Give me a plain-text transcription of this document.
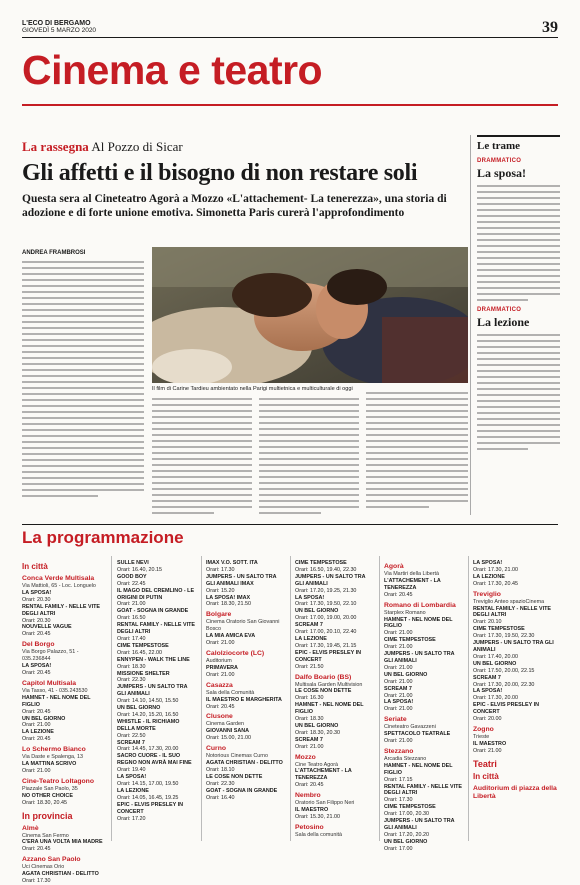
L'ECO DI BERGAMO
GIOVEDÌ 5 MARZO 2020	39
Cinema e teatro
La rassegna Al Pozzo di Sicar
Gli affetti e il bisogno di non restare soli
Questa sera al Cineteatro Agorà a Mozzo «L'attachement- La tenerezza», una storia di adozione e di forte unione emotiva. Simonetta Paris curerà l'approfondimento
ANDREA FRAMBROSI
Il film di Carine Tardieu ambientato nella Parigi multietnica e multiculturale di oggi
Le trame
DRAMMATICO
La sposa!
DRAMMATICO
La lezione
La programmazione
In città
Conca Verde Multisala
Via Mattioli, 65 - Loc. Longuelo
LA SPOSA!
Orari: 20.30
RENTAL FAMILY - NELLE VITE DEGLI ALTRI
Orari: 20.30
NOUVELLE VAGUE
Orari: 20.45
Del Borgo
Via Borgo Palazzo, 51 - 035.236844
LA SPOSA!
Orari: 20.45
Capitol Multisala
Via Tasso, 41 - 035.243530
HAMNET - NEL NOME DEL FIGLIO
Orari: 20.45
UN BEL GIORNO
Orari: 21.00
LA LEZIONE
Orari: 20.45
Lo Schermo Bianco
Via Daste e Spalenga, 13
LA MATTINA SCRIVO
Orari: 21.00
Cine-Teatro Loltagono
Piazzale San Paolo, 35
NO OTHER CHOICE
Orari: 18.30, 20.45
In provincia
Almè
Cinema San Fermo
C'ERA UNA VOLTA MIA MADRE
Orari: 20.45
Azzano San Paolo
Uci Cinemas Orio
AGATA CHRISTIAN - DELITTO
Orari: 17.30
SULLE NEVI
Orari: 16.40, 20.15
GOOD BOY
Orari: 22.45
IL MAGO DEL CREMLINO - LE ORIGINI DI PUTIN
Orari: 21.00
GOAT - SOGNA IN GRANDE
Orari: 16.50
RENTAL FAMILY - NELLE VITE DEGLI ALTRI
Orari: 17.40
CIME TEMPESTOSE
Orari: 16.45, 22.00
ENNYPEN - WALK THE LINE
Orari: 18.30
MISSIONE SHELTER
Orari: 22.30
JUMPERS - UN SALTO TRA GLI ANIMALI
Orari: 14.10, 14.50, 15.50
UN BEL GIORNO
Orari: 14.20, 15.20, 16.50
WHISTLE - IL RICHIAMO DELLA MORTE
Orari: 22.50
SCREAM 7
Orari: 14.45, 17.30, 20.00
SACRO CUORE - IL SUO REGNO NON AVRÀ MAI FINE
Orari: 19.40
LA SPOSA!
Orari: 14.15, 17.00, 19.50
LA LEZIONE
Orari: 14.05, 16.45, 19.25
EPIC - ELVIS PRESLEY IN CONCERT
Orari: 17.20
IMAX V.O. SOTT. ITA
Orari: 17.30
JUMPERS - UN SALTO TRA GLI ANIMALI IMAX
Orari: 15.20
LA SPOSA! IMAX
Orari: 18.30, 21.50
Bolgare
Cinema Oratorio San Giovanni Bosco
LA MIA AMICA EVA
Orari: 21.00
Calolziocorte (LC)
Auditorium
PRIMAVERA
Orari: 21.00
Casazza
Sala della Comunità
IL MAESTRO E MARGHERITA
Orari: 20.45
Clusone
Cinema Garden
GIOVANNI SANA
Orari: 15.00, 21.00
Curno
Notorious Cinemas Curno
AGATA CHRISTIAN - DELITTO
Orari: 18.10
LE COSE NON DETTE
Orari: 22.30
GOAT - SOGNA IN GRANDE
Orari: 16.40
CIME TEMPESTOSE
Orari: 16.50, 19.40, 22.30
JUMPERS - UN SALTO TRA GLI ANIMALI
Orari: 17.20, 19.25, 21.30
LA SPOSA!
Orari: 17.30, 19.50, 22.10
UN BEL GIORNO
Orari: 17.00, 19.00, 20.00
SCREAM 7
Orari: 17.00, 20.10, 22.40
LA LEZIONE
Orari: 17.30, 19.45, 21.15
EPIC - ELVIS PRESLEY IN CONCERT
Orari: 21.50
Dalfo Boario (BS)
Multisala Garden Multivision
LE COSE NON DETTE
Orari: 16.30
HAMNET - NEL NOME DEL FIGLIO
Orari: 18.30
UN BEL GIORNO
Orari: 18.30, 20.30
SCREAM 7
Orari: 21.00
Mozzo
Cine Teatro Agorà
L'ATTACHEMENT - LA TENEREZZA
Orari: 20.45
Nembro
Oratorio San Filippo Neri
IL MAESTRO
Orari: 15.30, 21.00
Petosino
Sala della comunità
Agorà
Via Martiri della Libertà
L'ATTACHEMENT - LA TENEREZZA
Orari: 20.45
Romano di Lombardia
Starplex Romano
HAMNET - NEL NOME DEL FIGLIO
Orari: 21.00
CIME TEMPESTOSE
Orari: 21.00
JUMPERS - UN SALTO TRA GLI ANIMALI
Orari: 21.00
UN BEL GIORNO
Orari: 21.00
SCREAM 7
Orari: 21.00
LA SPOSA!
Orari: 21.00
Seriate
Cineteatro Gavazzeni
SPETTACOLO TEATRALE
Orari: 21.00
Stezzano
Arcadia Stezzano
HAMNET - NEL NOME DEL FIGLIO
Orari: 17.15
RENTAL FAMILY - NELLE VITE DEGLI ALTRI
Orari: 17.30
CIME TEMPESTOSE
Orari: 17.00, 20.30
JUMPERS - UN SALTO TRA GLI ANIMALI
Orari: 17.20, 20.20
UN BEL GIORNO
Orari: 17.00
LA SPOSA!
Orari: 17.30, 21.00
LA LEZIONE
Orari: 17.30, 20.45
Treviglio
Treviglio Anteo spazioCinema
RENTAL FAMILY - NELLE VITE DEGLI ALTRI
Orari: 20.10
CIME TEMPESTOSE
Orari: 17.30, 19.50, 22.30
JUMPERS - UN SALTO TRA GLI ANIMALI
Orari: 17.40, 20.00
UN BEL GIORNO
Orari: 17.50, 20.00, 22.15
SCREAM 7
Orari: 17.30, 20.00, 22.30
LA SPOSA!
Orari: 17.30, 20.00
EPIC - ELVIS PRESLEY IN CONCERT
Orari: 20.00
Zogno
Trieste
IL MAESTRO
Orari: 21.00
Teatri
In città
Auditorium di piazza della Libertà
